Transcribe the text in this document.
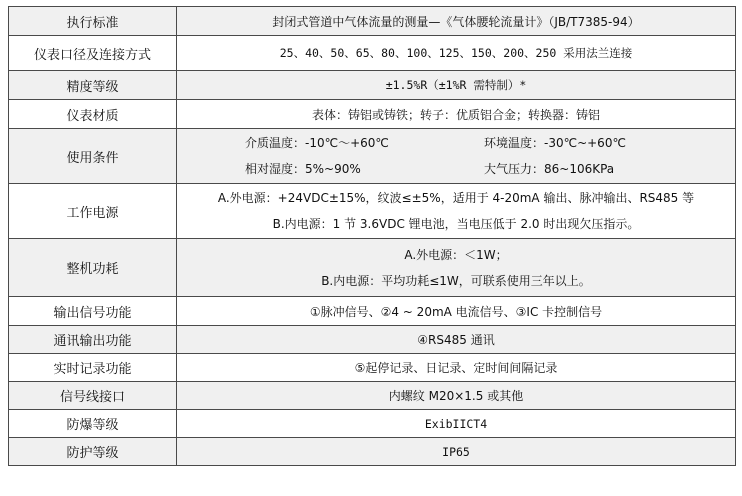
执行标准	封闭式管道中气体流量的测量—《气体腰轮流量计》（JB/T7385-94）
仪表口径及连接方式	25、40、50、65、80、100、125、150、200、250 采用法兰连接
精度等级	±1.5%R（±1%R 需特制）*
仪表材质	表体：铸铝或铸铁；转子：优质铝合金；转换器：铸铝
使用条件	介质温度：-10℃～+60℃ 环境温度：-30℃~+60℃
相对湿度：5%~90% 大气压力：86~106KPa

工作电源	A.外电源：+24VDC±15%，纹波≤±5%，适用于 4-20mA 输出、脉冲输出、RS485 等
B.内电源：1 节 3.6VDC 锂电池，当电压低于 2.0 时出现欠压指示。

整机功耗	A.外电源：＜1W；
B.内电源：平均功耗≤1W，可联系使用三年以上。

输出信号功能	①脉冲信号、②4 ~ 20mA 电流信号、③IC 卡控制信号
通讯输出功能	④RS485 通讯
实时记录功能	⑤起停记录、日记录、定时间间隔记录
信号线接口	内螺纹 M20×1.5 或其他
防爆等级	ExibIICT4
防护等级	IP65
